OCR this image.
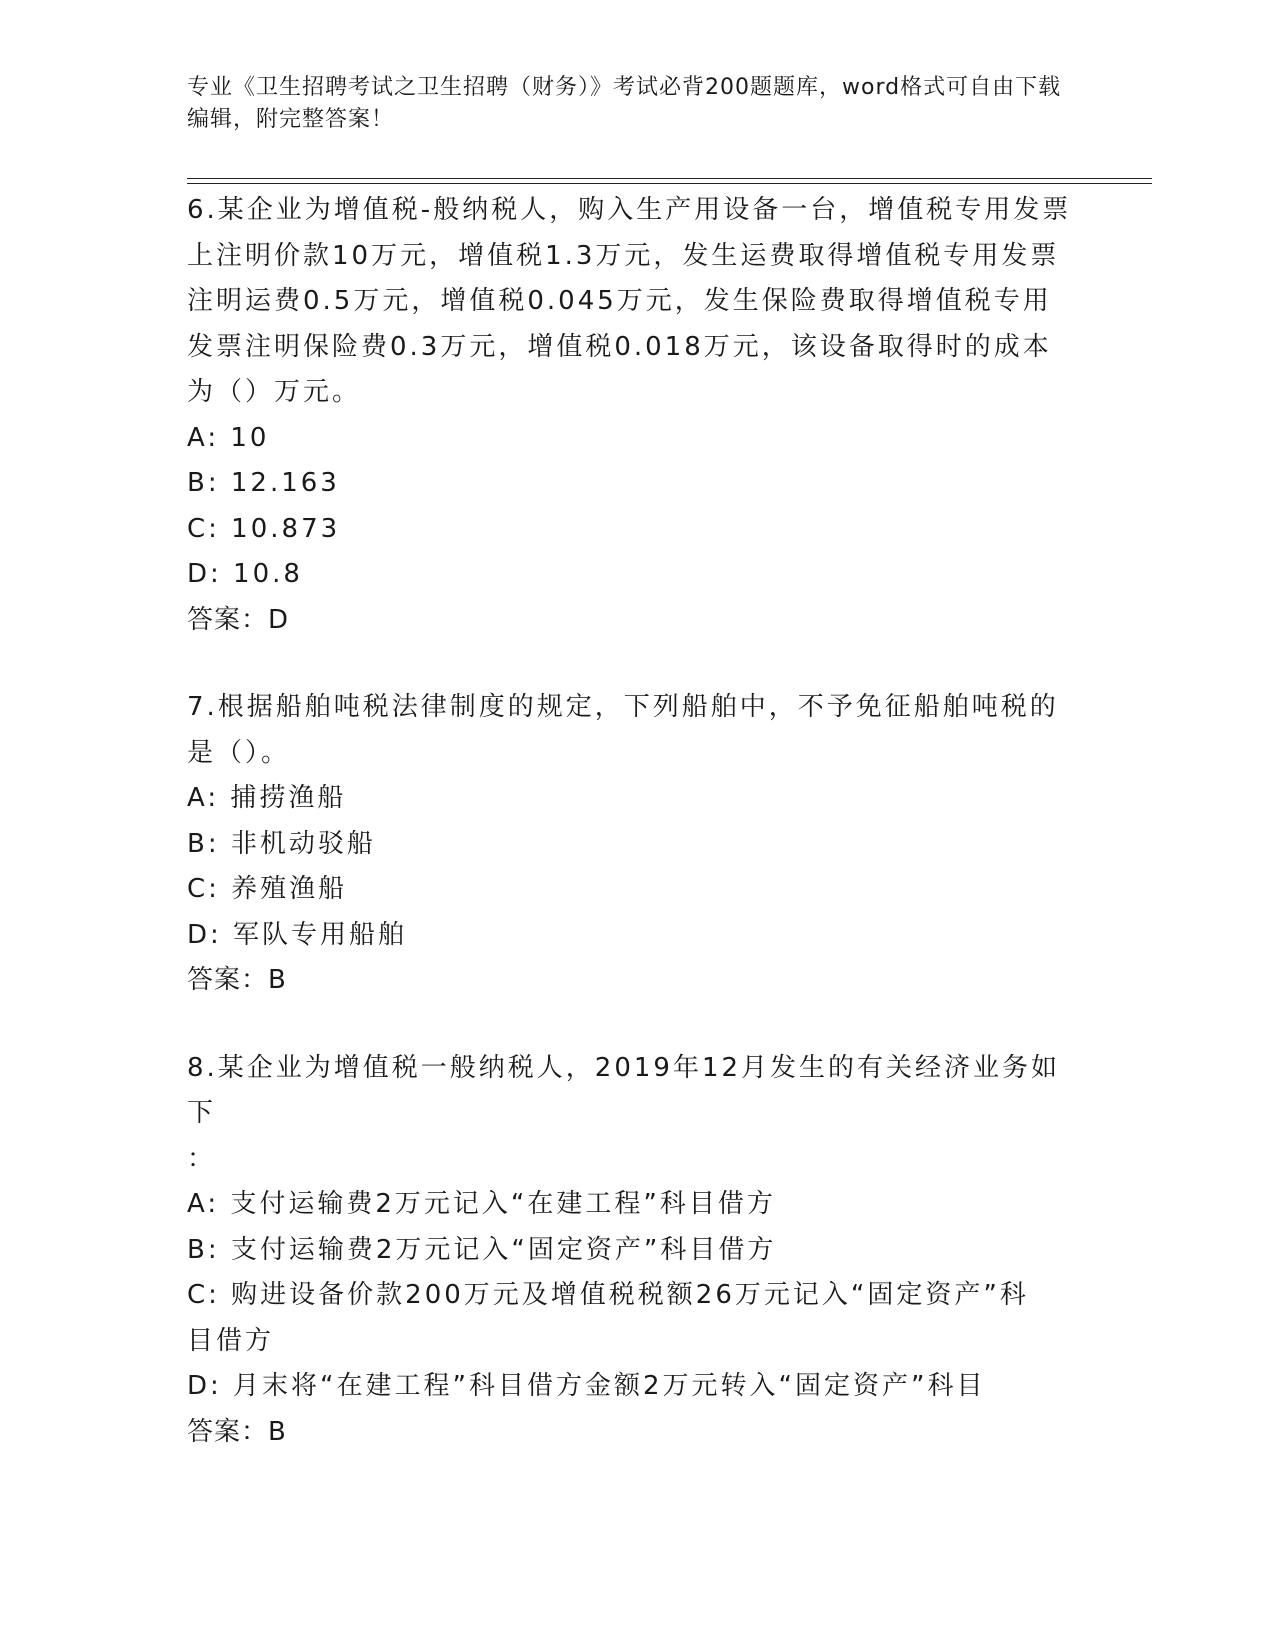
专业《卫生招聘考试之卫生招聘（财务）》考试必背200题题库，word格式可自由下载编辑，附完整答案！

6.某企业为增值税-般纳税人，购入生产用设备一台，增值税专用发票

上注明价款10万元，增值税1.3万元，发生运费取得增值税专用发票

注明运费0.5万元，增值税0.045万元，发生保险费取得增值税专用

发票注明保险费0.3万元，增值税0.018万元，该设备取得时的成本

为（）万元。

A: 10

B: 12.163

C: 10.873

D: 10.8

答案：D

7.根据船舶吨税法律制度的规定，下列船舶中，不予免征船舶吨税的

是（）。

A: 捕捞渔船

B: 非机动驳船

C: 养殖渔船

D: 军队专用船舶

答案：B

8.某企业为增值税一般纳税人，2019年12月发生的有关经济业务如下

：

A: 支付运输费2万元记入“在建工程”科目借方

B: 支付运输费2万元记入“固定资产”科目借方

C: 购进设备价款200万元及增值税税额26万元记入“固定资产”科

目借方

D: 月末将“在建工程”科目借方金额2万元转入“固定资产”科目

答案：B
